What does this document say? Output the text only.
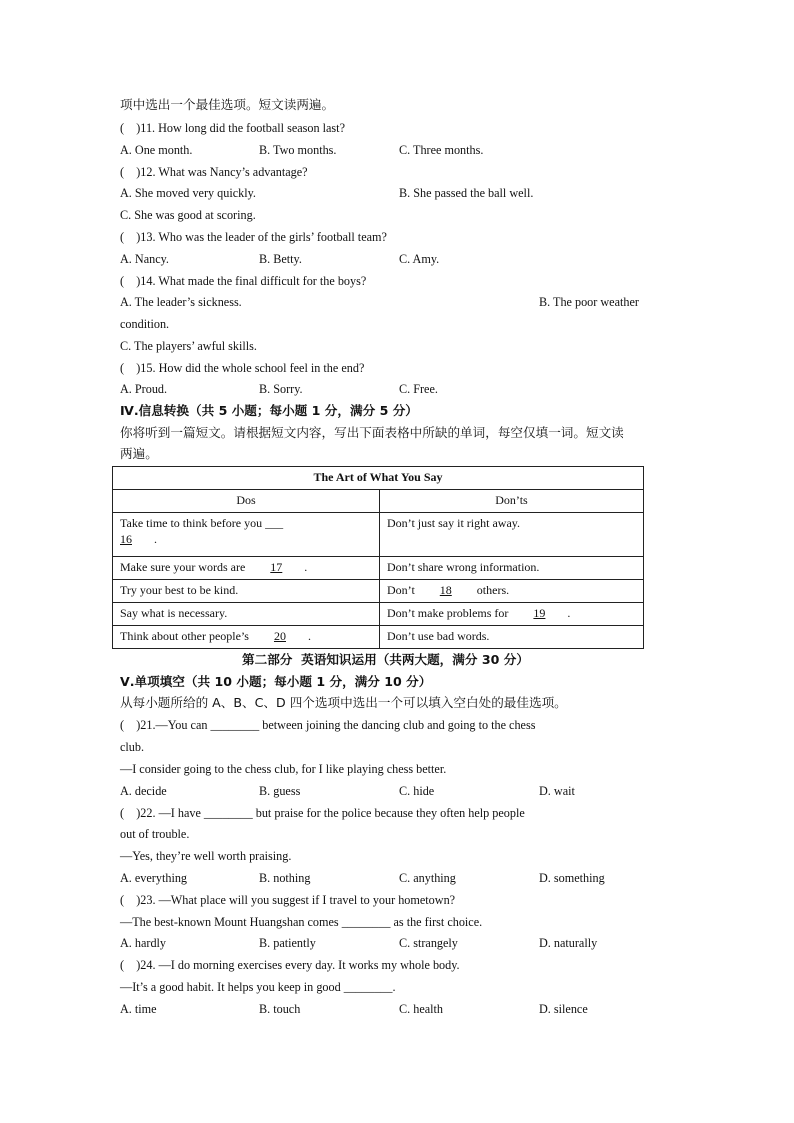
项中选出一个最佳选项。短文读两遍。
(    )11. How long did the football season last?
A. One month.	B. Two months.	C. Three months.
(    )12. What was Nancy’s advantage?
A. She moved very quickly.	B. She passed the ball well.
C. She was good at scoring.
(    )13. Who was the leader of the girls’ football team?
A. Nancy.	B. Betty.	C. Amy.
(    )14. What made the final difficult for the boys?
A. The leader’s sickness.	B. The poor weather
condition.
C. The players’ awful skills.
(    )15. How did the whole school feel in the end?
A. Proud.	B. Sorry.	C. Free.
Ⅳ.信息转换（共 5 小题；每小题 1 分，满分 5 分）
你将听到一篇短文。请根据短文内容，写出下面表格中所缺的单词，每空仅填一词。短文读
两遍。
The Art of What You Say	
Dos	Don’ts
Take time to think before you ___
16 .	Don’t just say it right away.
Make sure your words are 17 .	Don’t share wrong information.
Try your best to be kind.	Don’t 18 others.
Say what is necessary.	Don’t make problems for 19 .
Think about other people’s 20 .	Don’t use bad words.
第二部分  英语知识运用（共两大题，满分 30 分）
Ⅴ.单项填空（共 10 小题；每小题 1 分，满分 10 分）
从每小题所给的 A、B、C、D 四个选项中选出一个可以填入空白处的最佳选项。
(    )21.—You can ________ between joining the dancing club and going to the chess
club.
—I consider going to the chess club, for I like playing chess better.
A. decide	B. guess	C. hide	D. wait
(    )22. —I have ________ but praise for the police because they often help people
out of trouble.
—Yes, they’re well worth praising.
A. everything	B. nothing	C. anything	D. something
(    )23. —What place will you suggest if I travel to your hometown?
—The best-known Mount Huangshan comes ________ as the first choice.
A. hardly	B. patiently	C. strangely	D. naturally
(    )24. —I do morning exercises every day. It works my whole body.
—It’s a good habit. It helps you keep in good ________.
A. time	B. touch	C. health	D. silence
